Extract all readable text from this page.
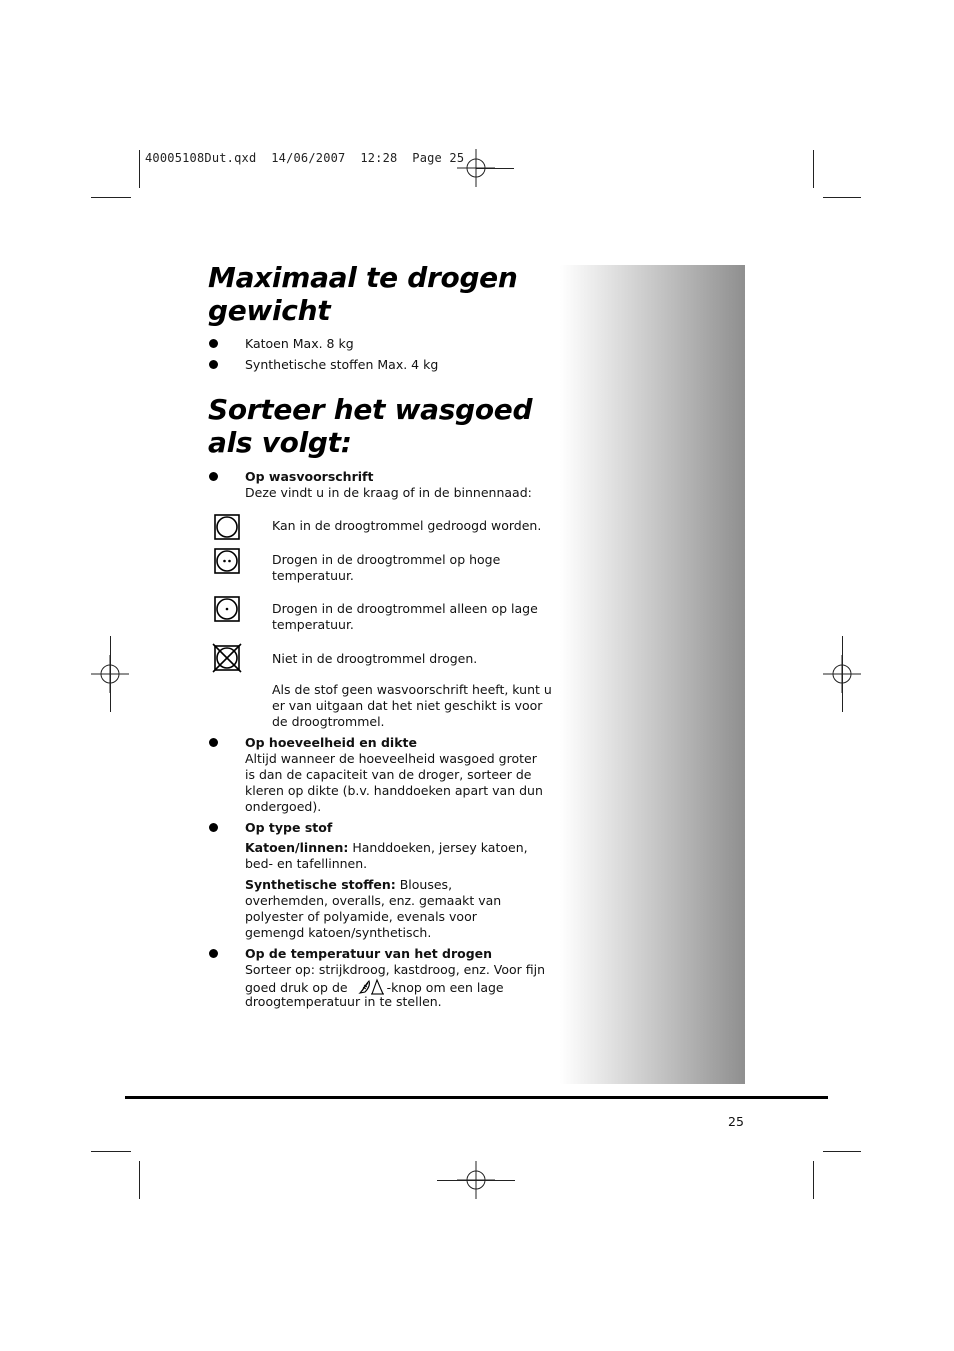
40005108Dut.qxd  14/06/2007  12:28  Page 25
Maximaal te drogen gewicht
Katoen Max. 8 kg
Synthetische stoffen Max. 4 kg
Sorteer het wasgoed als volgt:
Op wasvoorschrift
Deze vindt u in de kraag of in de binnennaad:
Kan in de droogtrommel gedroogd worden.
Drogen in de droogtrommel op hoge temperatuur.
Drogen in de droogtrommel alleen op lage temperatuur.
Niet in de droogtrommel drogen.
Als de stof geen wasvoorschrift heeft, kunt u er van uitgaan dat het niet geschikt is voor de droogtrommel.
Op hoeveelheid en dikte
Altijd wanneer de hoeveelheid wasgoed groter is dan de capaciteit van de droger, sorteer de kleren op dikte (b.v. handdoeken apart van dun ondergoed).
Op type stof
Katoen/linnen: Handdoeken, jersey katoen, bed- en tafellinnen.
Synthetische stoffen: Blouses, overhemden, overalls, enz. gemaakt van polyester of polyamide, evenals voor gemengd katoen/synthetisch.
Op de temperatuur van het drogen
Sorteer op: strijkdroog, kastdroog, enz. Voor fijn
goed druk op de	-knop om een lage
droogtemperatuur in te stellen.
25
